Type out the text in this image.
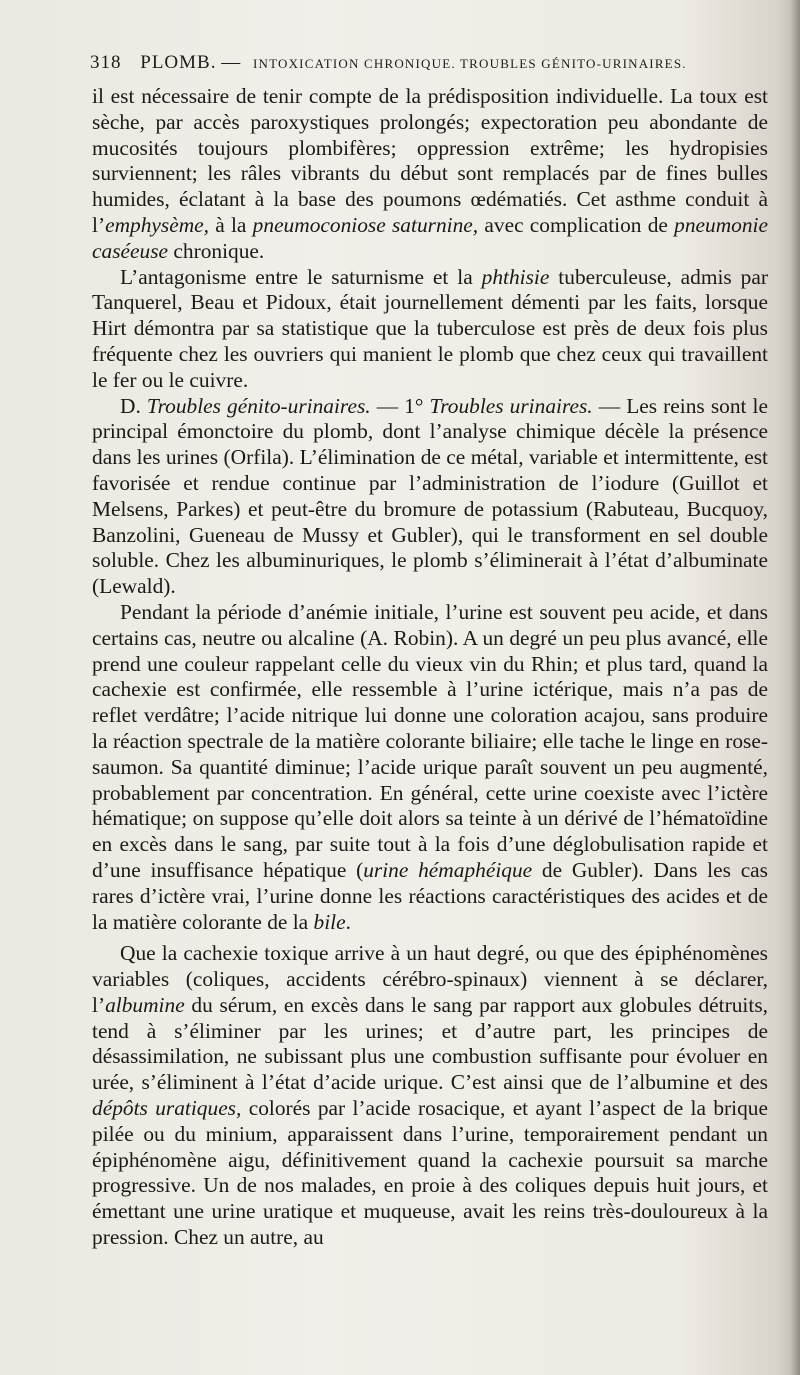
318 PLOMB. — INTOXICATION CHRONIQUE. TROUBLES GÉNITO-URINAIRES.

il est nécessaire de tenir compte de la prédisposition individuelle. La toux est sèche, par accès paroxystiques prolongés; expectoration peu abondante de mucosités toujours plombifères; oppression extrême; les hydropisies surviennent; les râles vibrants du début sont remplacés par de fines bulles humides, éclatant à la base des poumons œdématiés. Cet asthme conduit à l’emphysème, à la pneumoconiose saturnine, avec complication de pneumonie caséeuse chronique.

L’antagonisme entre le saturnisme et la phthisie tuberculeuse, admis par Tanquerel, Beau et Pidoux, était journellement démenti par les faits, lorsque Hirt démontra par sa statistique que la tuberculose est près de deux fois plus fréquente chez les ouvriers qui manient le plomb que chez ceux qui travaillent le fer ou le cuivre.

D. Troubles génito-urinaires. — 1° Troubles urinaires. — Les reins sont le principal émonctoire du plomb, dont l’analyse chimique décèle la présence dans les urines (Orfila). L’élimination de ce métal, variable et intermittente, est favorisée et rendue continue par l’administration de l’iodure (Guillot et Melsens, Parkes) et peut-être du bromure de potassium (Rabuteau, Bucquoy, Banzolini, Gueneau de Mussy et Gubler), qui le transforment en sel double soluble. Chez les albuminuriques, le plomb s’éliminerait à l’état d’albuminate (Lewald).

Pendant la période d’anémie initiale, l’urine est souvent peu acide, et dans certains cas, neutre ou alcaline (A. Robin). A un degré un peu plus avancé, elle prend une couleur rappelant celle du vieux vin du Rhin; et plus tard, quand la cachexie est confirmée, elle ressemble à l’urine ictérique, mais n’a pas de reflet verdâtre; l’acide nitrique lui donne une coloration acajou, sans produire la réaction spectrale de la matière colorante biliaire; elle tache le linge en rose-saumon. Sa quantité diminue; l’acide urique paraît souvent un peu augmenté, probablement par concentration. En général, cette urine coexiste avec l’ictère hématique; on suppose qu’elle doit alors sa teinte à un dérivé de l’hématoïdine en excès dans le sang, par suite tout à la fois d’une déglobulisation rapide et d’une insuffisance hépatique (urine hémaphéique de Gubler). Dans les cas rares d’ictère vrai, l’urine donne les réactions caractéristiques des acides et de la matière colorante de la bile.

Que la cachexie toxique arrive à un haut degré, ou que des épiphénomènes variables (coliques, accidents cérébro-spinaux) viennent à se déclarer, l’albumine du sérum, en excès dans le sang par rapport aux globules détruits, tend à s’éliminer par les urines; et d’autre part, les principes de désassimilation, ne subissant plus une combustion suffisante pour évoluer en urée, s’éliminent à l’état d’acide urique. C’est ainsi que de l’albumine et des dépôts uratiques, colorés par l’acide rosacique, et ayant l’aspect de la brique pilée ou du minium, apparaissent dans l’urine, temporairement pendant un épiphénomène aigu, définitivement quand la cachexie poursuit sa marche progressive. Un de nos malades, en proie à des coliques depuis huit jours, et émettant une urine uratique et muqueuse, avait les reins très-douloureux à la pression. Chez un autre, au
